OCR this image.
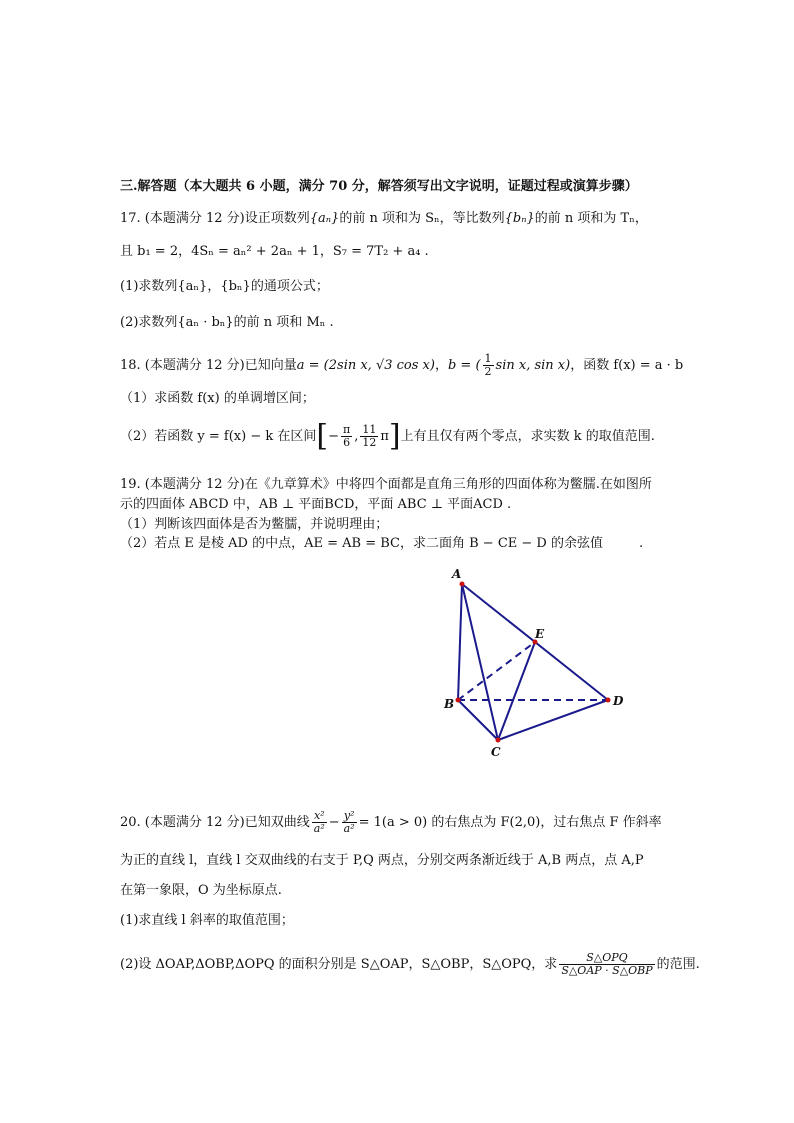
三.解答题（本大题共 6 小题，满分 70 分，解答须写出文字说明，证题过程或演算步骤）
17. (本题满分 12 分)设正项数列{aₙ}的前 n 项和为 Sₙ，等比数列{bₙ}的前 n 项和为 Tₙ，
且 b₁ = 2，4Sₙ = aₙ² + 2aₙ + 1，S₇ = 7T₂ + a₄ .
(1)求数列{aₙ}，{bₙ}的通项公式；
(2)求数列{aₙ · bₙ}的前 n 项和 Mₙ .
18. (本题满分 12 分)已知向量a = (2sin x, √3 cos x)，b = ( $\frac{1}{2}$ sin x, sin x)，函数 f(x) = a · b
（1）求函数 f(x) 的单调增区间；
（2）若函数 y = f(x) − k 在区间[− $\frac{\pi}{6}$ , $\frac{11}{12} \pi$]上有且仅有两个零点，求实数 k 的取值范围.
19. (本题满分 12 分)在《九章算术》中将四个面都是直角三角形的四面体称为鳖臑.在如图所
示的四面体 ABCD 中，AB ⊥ 平面BCD，平面 ABC ⊥ 平面ACD .
（1）判断该四面体是否为鳖臑，并说明理由；
（2）若点 E 是棱 AD 的中点，AE = AB = BC，求二面角 B − CE − D 的余弦值	.
A
B
C
D
E
20. (本题满分 12 分)已知双曲线 $\frac{\text{x²}}{\text{a²}} - \frac{\text{y²}}{\text{a²}} = 1(a > 0)$ 的右焦点为 F(2,0)，过右焦点 F 作斜率
为正的直线 l，直线 l 交双曲线的右支于 P,Q 两点，分别交两条渐近线于 A,B 两点，点 A,P
在第一象限，O 为坐标原点.
(1)求直线 l 斜率的取值范围；
(2)设 ΔOAP,ΔOBP,ΔOPQ 的面积分别是 S△OAP，S△OBP，S△OPQ，求 $\frac{\text{S△OPQ}}{\text{S△OAP · S△OBP}}$ 的范围.
